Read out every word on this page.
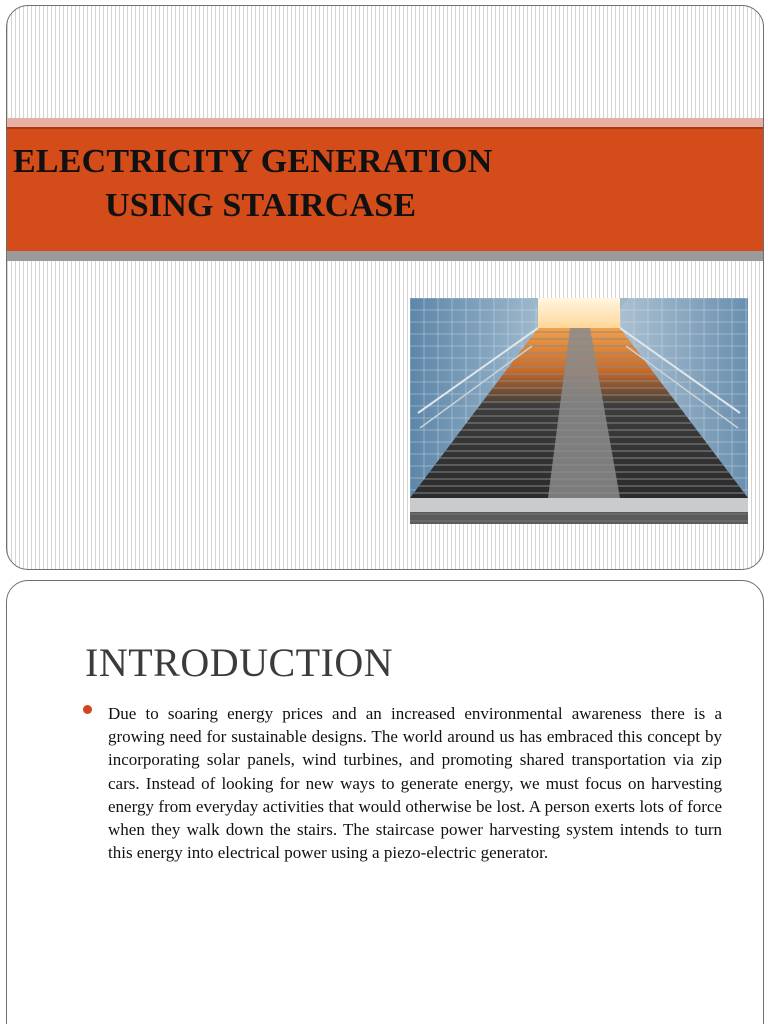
ELECTRICITY GENERATION
USING STAIRCASE
INTRODUCTION

Due to soaring energy prices and an increased environmental awareness there is a growing need for sustainable designs. The world around us has embraced this concept by incorporating solar panels, wind turbines, and promoting shared transportation via zip cars. Instead of looking for new ways to generate energy, we must focus on harvesting energy from everyday activities that would otherwise be lost. A person exerts lots of force when they walk down the stairs. The staircase power harvesting system intends to turn this energy into electrical power using a piezo-electric generator.
